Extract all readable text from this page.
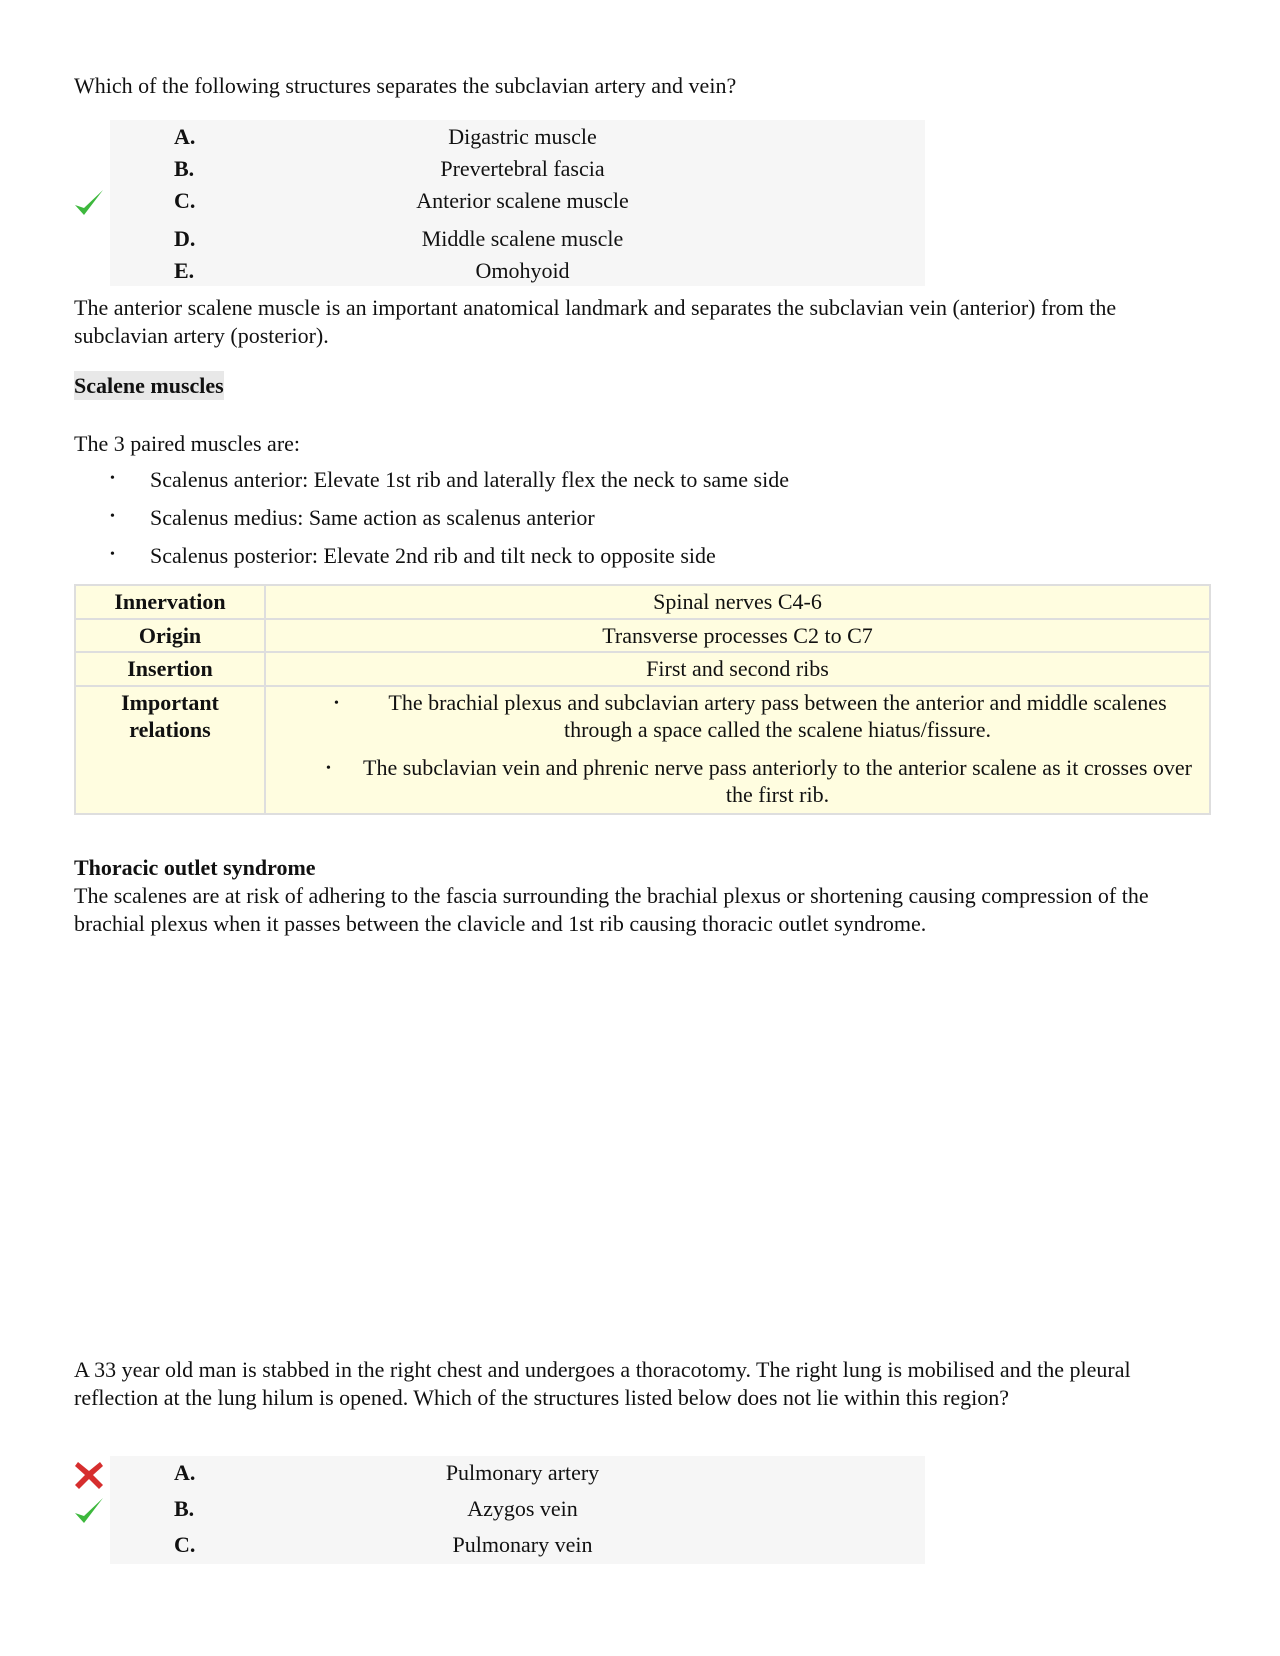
Which of the following structures separates the subclavian artery and vein?
A.	Digastric muscle
B.	Prevertebral fascia
C.	Anterior scalene muscle
D.	Middle scalene muscle
E.	Omohyoid
The anterior scalene muscle is an important anatomical landmark and separates the subclavian vein (anterior) from the subclavian artery (posterior).
Scalene muscles
The 3 paired muscles are:
• Scalenus anterior: Elevate 1st rib and laterally flex the neck to same side
• Scalenus medius: Same action as scalenus anterior
• Scalenus posterior: Elevate 2nd rib and tilt neck to opposite side
Innervation	Spinal nerves C4-6
Origin	Transverse processes C2 to C7
Insertion	First and second ribs
Important relations	• The brachial plexus and subclavian artery pass between the anterior and middle scalenes through a space called the scalene hiatus/fissure.
• The subclavian vein and phrenic nerve pass anteriorly to the anterior scalene as it crosses over the first rib.
Thoracic outlet syndrome
The scalenes are at risk of adhering to the fascia surrounding the brachial plexus or shortening causing compression of the brachial plexus when it passes between the clavicle and 1st rib causing thoracic outlet syndrome.
A 33 year old man is stabbed in the right chest and undergoes a thoracotomy. The right lung is mobilised and the pleural reflection at the lung hilum is opened. Which of the structures listed below does not lie within this region?
A.	Pulmonary artery
B.	Azygos vein
C.	Pulmonary vein
